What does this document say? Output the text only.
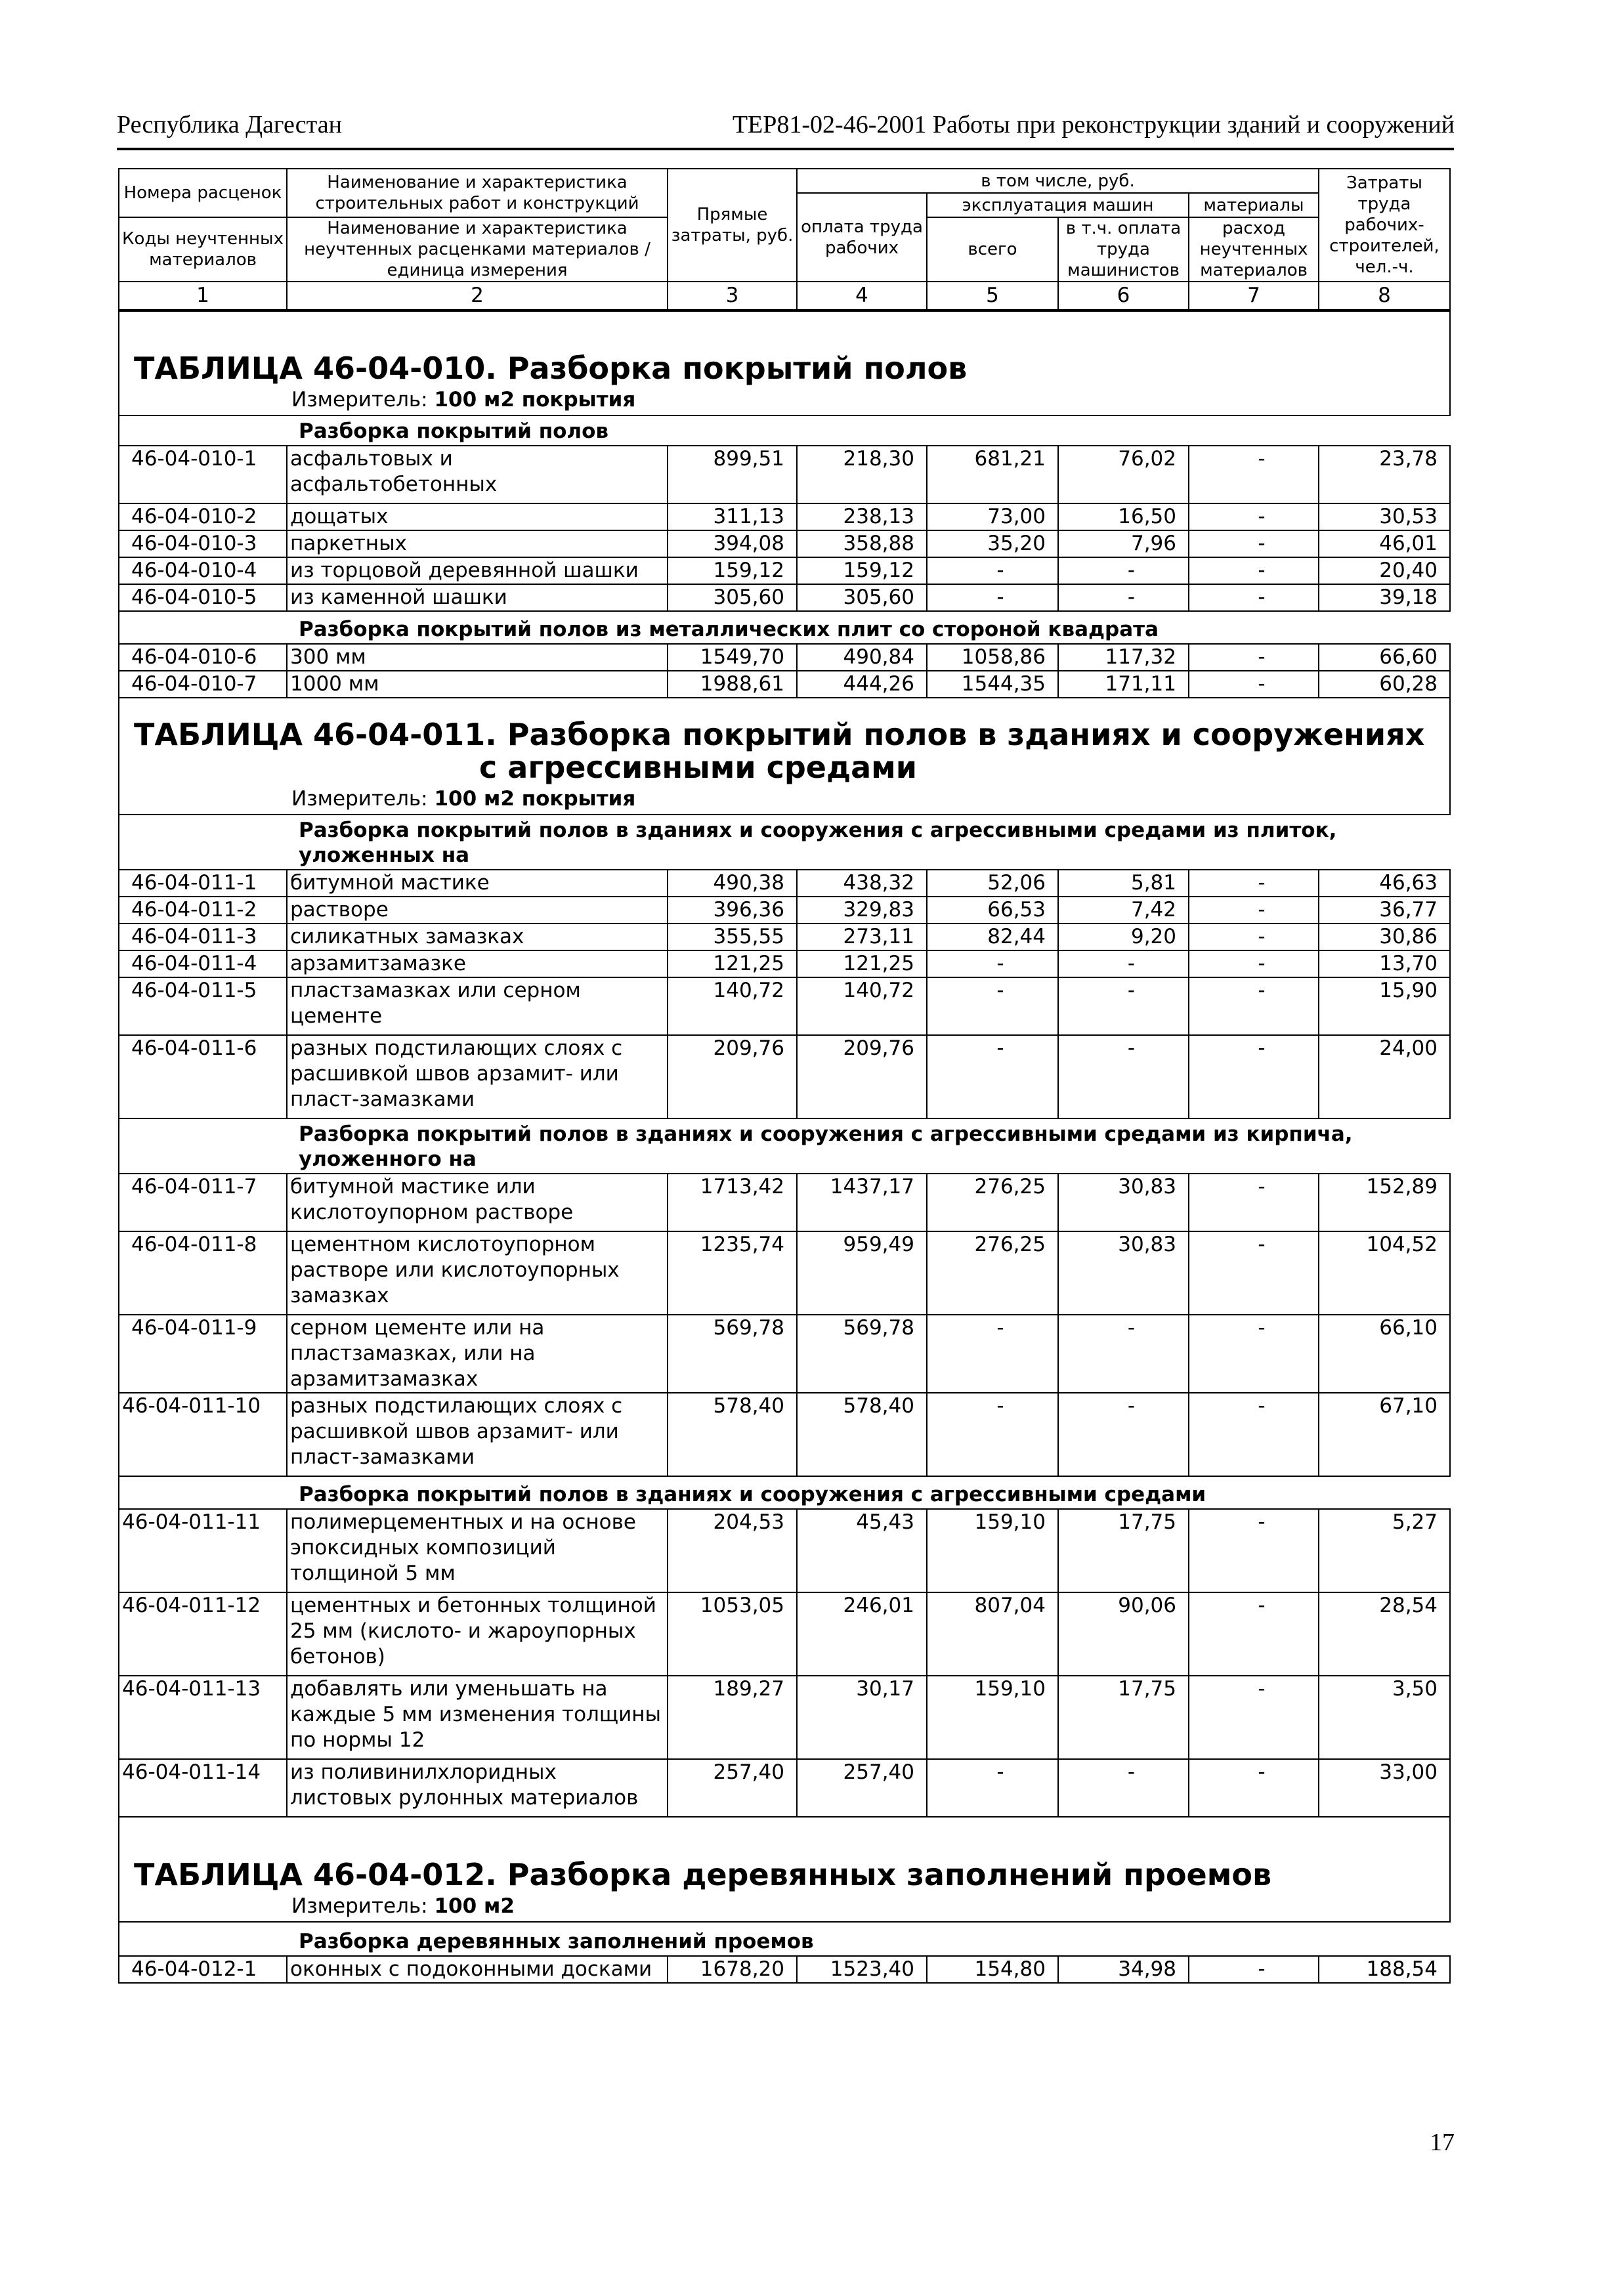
Республика Дагестан	ТЕР81-02-46-2001 Работы при реконструкции зданий и сооружений
Номера расценок	Наименование и характеристика строительных работ и конструкций	Прямые затраты, руб.	в том числе, руб.				Затраты труда рабочих-строителей, чел.-ч.
			оплата труда рабочих	эксплуатация машин		материалы	
Коды неучтенных материалов	Наименование и характеристика неучтенных расценками материалов / единица измерения			всего	в т.ч. оплата труда машинистов	расход неучтенных материалов	

1	2	3	4	5	6	7	8

ТАБЛИЦА 46-04-010. Разборка покрытий полов
Измеритель: 100 м2 покрытия							

	Разборка покрытий полов						
46-04-010-1	асфальтовых и асфальтобетонных	899,51	218,30	681,21	76,02	-	23,78
46-04-010-2	дощатых	311,13	238,13	73,00	16,50	-	30,53
46-04-010-3	паркетных	394,08	358,88	35,20	7,96	-	46,01
46-04-010-4	из торцовой деревянной шашки	159,12	159,12	-	-	-	20,40
46-04-010-5	из каменной шашки	305,60	305,60	-	-	-	39,18
	Разборка покрытий полов из металлических плит со стороной квадрата						
46-04-010-6	300 мм	1549,70	490,84	1058,86	117,32	-	66,60
46-04-010-7	1000 мм	1988,61	444,26	1544,35	171,11	-	60,28

ТАБЛИЦА 46-04-011. Разборка покрытий полов в зданиях и сооружениях
с агрессивными средами
Измеритель: 100 м2 покрытия							

	Разборка покрытий полов в зданиях и сооружения с агрессивными средами из плиток, уложенных на						
46-04-011-1	битумной мастике	490,38	438,32	52,06	5,81	-	46,63
46-04-011-2	растворе	396,36	329,83	66,53	7,42	-	36,77
46-04-011-3	силикатных замазках	355,55	273,11	82,44	9,20	-	30,86
46-04-011-4	арзамитзамазке	121,25	121,25	-	-	-	13,70
46-04-011-5	пластзамазках или серном цементе	140,72	140,72	-	-	-	15,90
46-04-011-6	разных подстилающих слоях с расшивкой швов арзамит- или пласт-замазками	209,76	209,76	-	-	-	24,00
	Разборка покрытий полов в зданиях и сооружения с агрессивными средами из кирпича, уложенного на						
46-04-011-7	битумной мастике или кислотоупорном растворе	1713,42	1437,17	276,25	30,83	-	152,89
46-04-011-8	цементном кислотоупорном растворе или кислотоупорных замазках	1235,74	959,49	276,25	30,83	-	104,52
46-04-011-9	серном цементе или на пластзамазках, или на арзамитзамазках	569,78	569,78	-	-	-	66,10
46-04-011-10	разных подстилающих слоях с расшивкой швов арзамит- или пласт-замазками	578,40	578,40	-	-	-	67,10
	Разборка покрытий полов в зданиях и сооружения с агрессивными средами						
46-04-011-11	полимерцементных и на основе эпоксидных композиций толщиной 5 мм	204,53	45,43	159,10	17,75	-	5,27
46-04-011-12	цементных и бетонных толщиной 25 мм (кислото- и жароупорных бетонов)	1053,05	246,01	807,04	90,06	-	28,54
46-04-011-13	добавлять или уменьшать на каждые 5 мм изменения толщины по нормы 12	189,27	30,17	159,10	17,75	-	3,50
46-04-011-14	из поливинилхлоридных листовых рулонных материалов	257,40	257,40	-	-	-	33,00

ТАБЛИЦА 46-04-012. Разборка деревянных заполнений проемов
Измеритель: 100 м2							

	Разборка деревянных заполнений проемов						
46-04-012-1	оконных с подоконными досками	1678,20	1523,40	154,80	34,98	-	188,54
17
